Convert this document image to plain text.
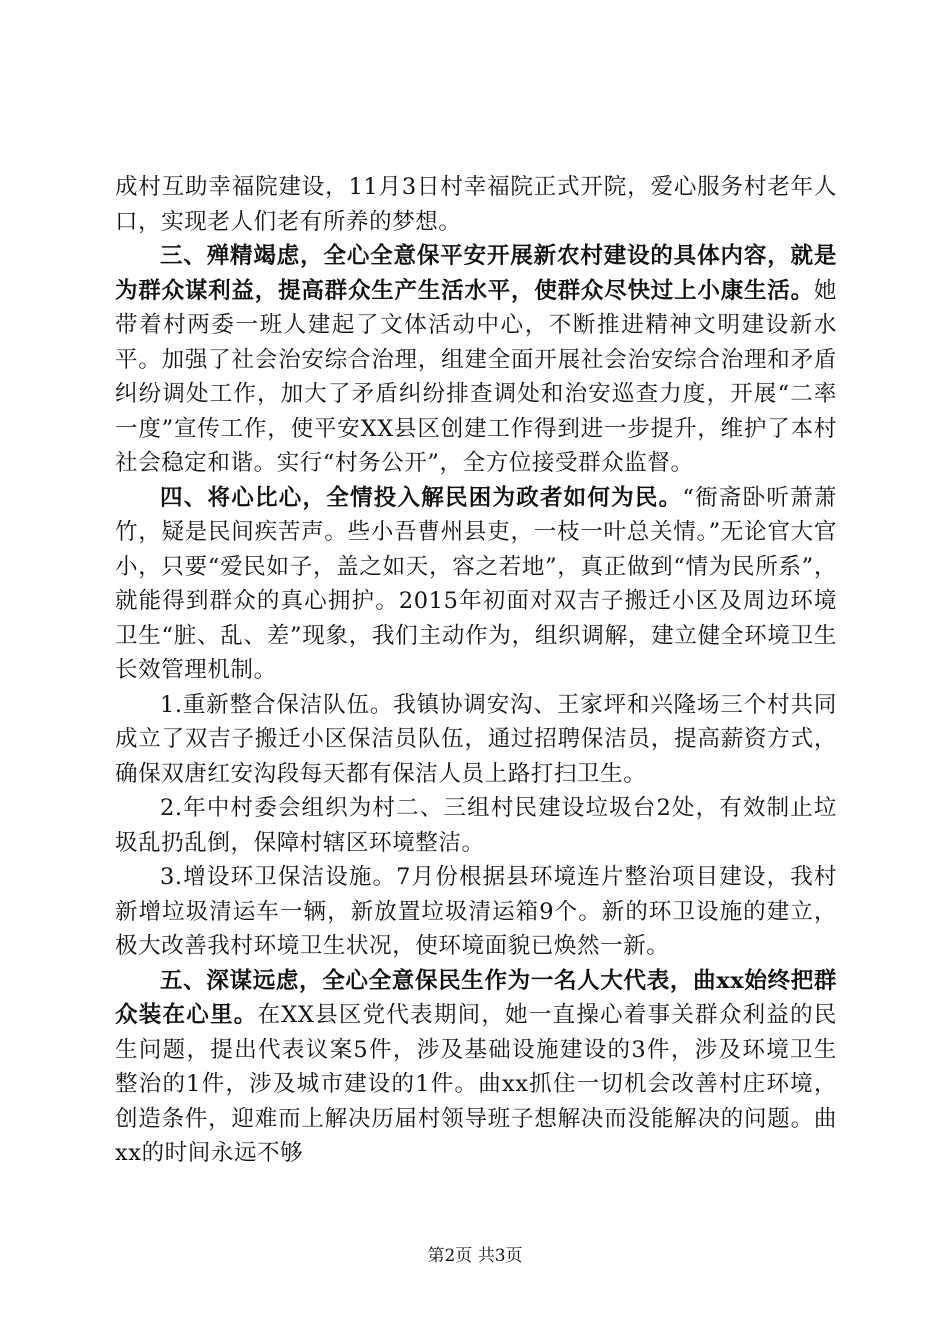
成村互助幸福院建设，11月3日村幸福院正式开院，爱心服务村老年人口，实现老人们老有所养的梦想。

三、殚精竭虑，全心全意保平安开展新农村建设的具体内容，就是为群众谋利益，提高群众生产生活水平，使群众尽快过上小康生活。她带着村两委一班人建起了文体活动中心，不断推进精神文明建设新水平。加强了社会治安综合治理，组建全面开展社会治安综合治理和矛盾纠纷调处工作，加大了矛盾纠纷排查调处和治安巡查力度，开展“二率一度”宣传工作，使平安XX县区创建工作得到进一步提升，维护了本村社会稳定和谐。实行“村务公开”，全方位接受群众监督。

四、将心比心，全情投入解民困为政者如何为民。“衙斋卧听萧萧竹，疑是民间疾苦声。些小吾曹州县吏，一枝一叶总关情。”无论官大官小，只要“爱民如子，盖之如天，容之若地”，真正做到“情为民所系”，就能得到群众的真心拥护。2015年初面对双吉子搬迁小区及周边环境卫生“脏、乱、差”现象，我们主动作为，组织调解，建立健全环境卫生长效管理机制。

1.重新整合保洁队伍。我镇协调安沟、王家坪和兴隆场三个村共同成立了双吉子搬迁小区保洁员队伍，通过招聘保洁员，提高薪资方式，确保双唐红安沟段每天都有保洁人员上路打扫卫生。

2.年中村委会组织为村二、三组村民建设垃圾台2处，有效制止垃圾乱扔乱倒，保障村辖区环境整洁。

3.增设环卫保洁设施。7月份根据县环境连片整治项目建设，我村新增垃圾清运车一辆，新放置垃圾清运箱9个。新的环卫设施的建立，极大改善我村环境卫生状况，使环境面貌已焕然一新。

五、深谋远虑，全心全意保民生作为一名人大代表，曲xx始终把群众装在心里。在XX县区党代表期间，她一直操心着事关群众利益的民生问题，提出代表议案5件，涉及基础设施建设的3件，涉及环境卫生整治的1件，涉及城市建设的1件。曲xx抓住一切机会改善村庄环境，创造条件，迎难而上解决历届村领导班子想解决而没能解决的问题。曲xx的时间永远不够

第2页 共3页
